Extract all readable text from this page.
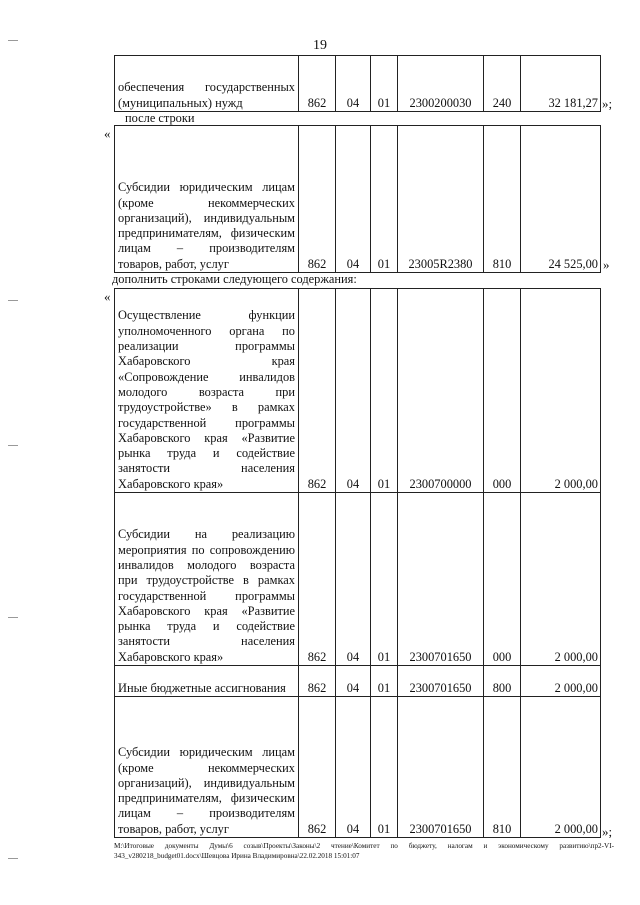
19
обеспечения государственных (муниципальных) нужд	862	04	01	2300200030	240	32 181,27 »;
после строки
«
Субсидии юридическим лицам (кроме некоммерческих организаций), индивидуальным предпринимателям, физическим лицам – производителям товаров, работ, услуг	862	04	01	23005R2380	810	24 525,00 »
дополнить строками следующего содержания:
«
Осуществление функции уполномоченного органа по реализации программы Хабаровского края «Сопровождение инвалидов молодого возраста при трудоустройстве» в рамках государственной программы Хабаровского края «Развитие рынка труда и содействие занятости населения Хабаровского края»	862	04	01	2300700000	000	2 000,00
Субсидии на реализацию мероприятия по сопровождению инвалидов молодого возраста при трудоустройстве в рамках государственной программы Хабаровского края «Развитие рынка труда и содействие занятости населения Хабаровского края»	862	04	01	2300701650	000	2 000,00
Иные бюджетные ассигнования	862	04	01	2300701650	800	2 000,00
Субсидии юридическим лицам (кроме некоммерческих организаций), индивидуальным предпринимателям, физическим лицам – производителям товаров, работ, услуг	862	04	01	2300701650	810	2 000,00 »;
М:\Итоговые документы Думы\6 созыв\Проекты\Законы\2 чтение\Комитет по бюджету, налогам и экономическому развитию\пр2-VI-343_v280218_budget01.docx\Шевцова Ирина Владимировна\22.02.2018 15:01:07
